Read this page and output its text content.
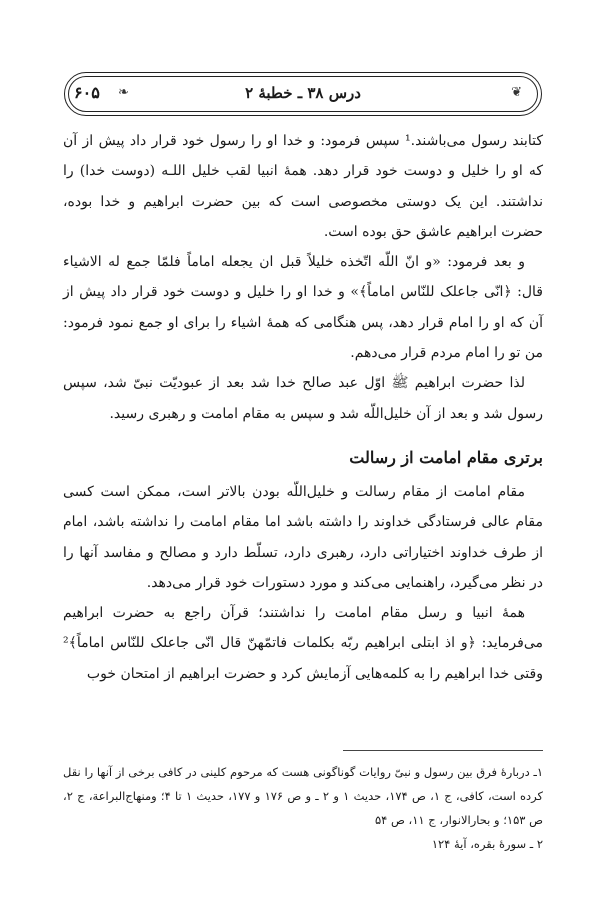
❦
درس ۳۸ ـ خطبهٔ ۲
❧
۶۰۵

کتابند رسول می‌باشند.¹ سپس فرمود: و خدا او را رسول خود قرار داد پیش از آن که او را خلیل و دوست خود قرار دهد. همهٔ انبیا لقب خلیل اللـه (دوست خدا) را نداشتند. این یک دوستی مخصوصی است که بین حضرت ابراهیم و خدا بوده، حضرت ابراهیم عاشق حق بوده است.

و بعد فرمود: «و انّ اللّه اتّخذه خلیلاً قبل ان یجعله اماماً فلمّا جمع له الاشیاء قال: ﴿انّی جاعلک للنّاس اماماً﴾» و خدا او را خلیل و دوست خود قرار داد پیش از آن که او را امام قرار دهد، پس هنگامی که همهٔ اشیاء را برای او جمع نمود فرمود: من تو را امام مردم قرار می‌دهم.

لذا حضرت ابراهیم ﷺ اوّل عبد صالح خدا شد بعد از عبودیّت نبیّ شد، سپس رسول شد و بعد از آن خلیل‌اللّه شد و سپس به مقام امامت و رهبری رسید.

برتری مقام امامت از رسالت

مقام امامت از مقام رسالت و خلیل‌اللّه بودن بالاتر است، ممکن است کسی مقام عالی فرستادگی خداوند را داشته باشد اما مقام امامت را نداشته باشد، امام از طرف خداوند اختیاراتی دارد، رهبری دارد، تسلّط دارد و مصالح و مفاسد آنها را در نظر می‌گیرد، راهنمایی می‌کند و مورد دستورات خود قرار می‌دهد.

همهٔ انبیا و رسل مقام امامت را نداشتند؛ قرآن راجع به حضرت ابراهیم می‌فرماید: ﴿و اذ ابتلی ابراهیم ربّه بکلمات فاتمّهنّ قال انّی جاعلک للنّاس اماماً﴾² وقتی خدا ابراهیم را به کلمه‌هایی آزمایش کرد و حضرت ابراهیم از امتحان خوب

۱ـ دربارهٔ فرق بین رسول و نبیّ روایات گوناگونی هست که مرحوم کلینی در کافی برخی از آنها را نقل کرده است، کافی، ج ۱، ص ۱۷۴، حدیث ۱ و ۲ ـ و ص ۱۷۶ و ۱۷۷، حدیث ۱ تا ۴؛ ومنهاج‌البراعة، ج ۲، ص ۱۵۳؛ و بحارالانوار، ج ۱۱، ص ۵۴

۲ ـ سورهٔ بقره، آیهٔ ۱۲۴
